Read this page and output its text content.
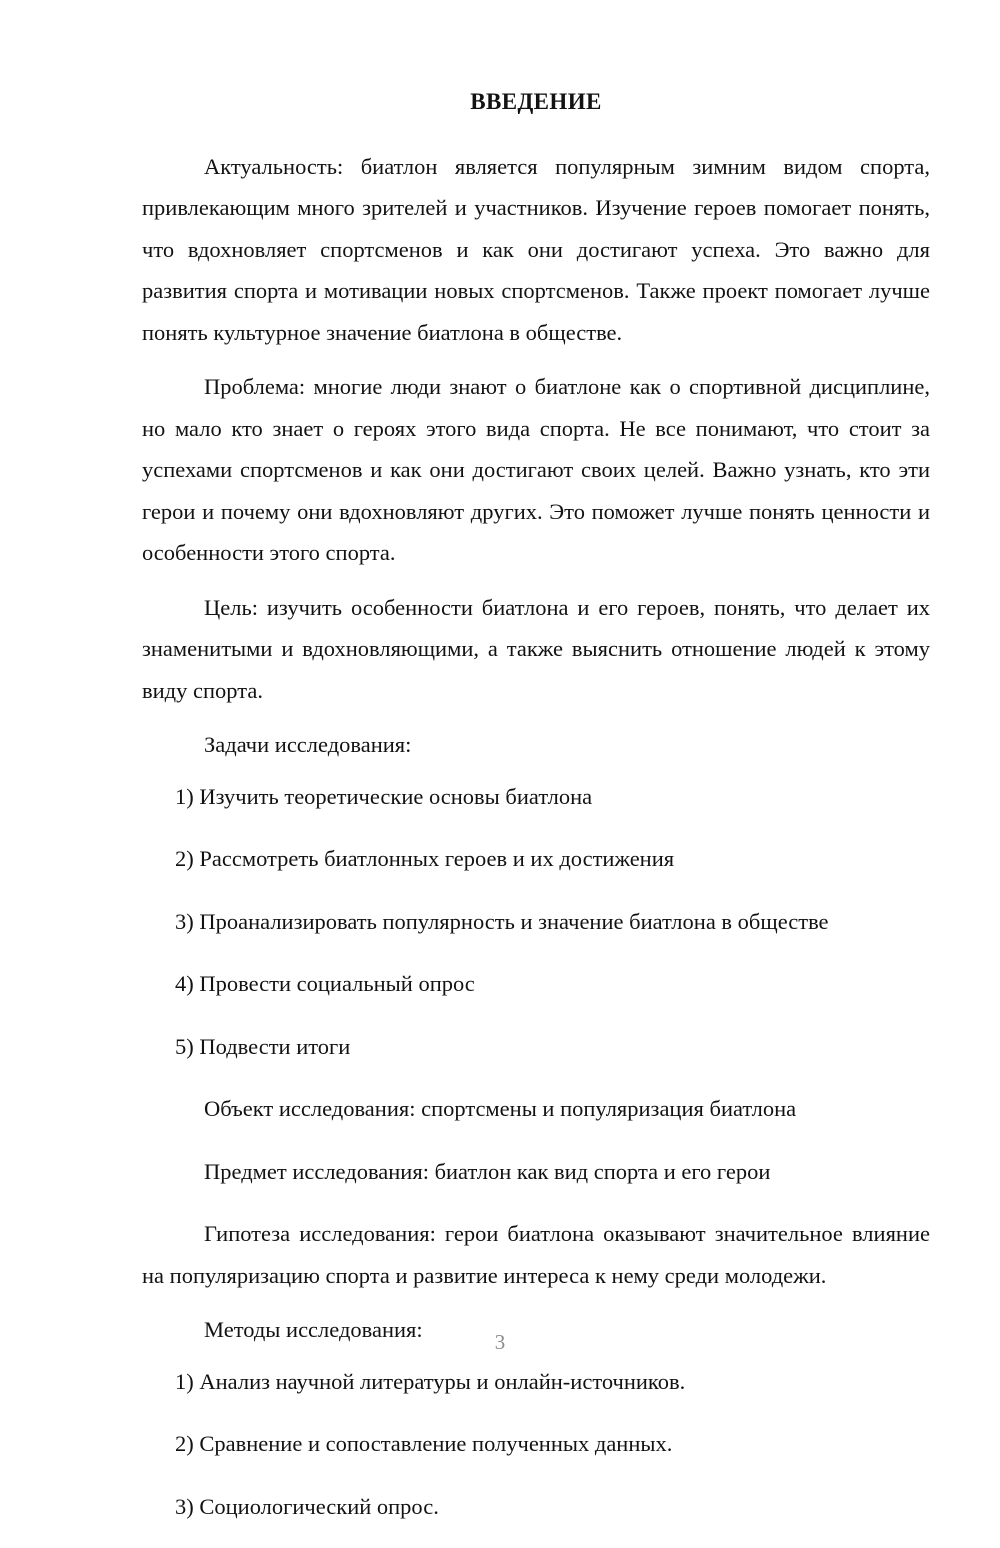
ВВЕДЕНИЕ

Актуальность: биатлон является популярным зимним видом спорта, привлекающим много зрителей и участников. Изучение героев помогает понять, что вдохновляет спортсменов и как они достигают успеха. Это важно для развития спорта и мотивации новых спортсменов. Также проект помогает лучше понять культурное значение биатлона в обществе.

Проблема: многие люди знают о биатлоне как о спортивной дисциплине, но мало кто знает о героях этого вида спорта. Не все понимают, что стоит за успехами спортсменов и как они достигают своих целей. Важно узнать, кто эти герои и почему они вдохновляют других. Это поможет лучше понять ценности и особенности этого спорта.

Цель: изучить особенности биатлона и его героев, понять, что делает их знаменитыми и вдохновляющими, а также выяснить отношение людей к этому виду спорта.

Задачи исследования:

1) Изучить теоретические основы биатлона
2) Рассмотреть биатлонных героев и их достижения
3) Проанализировать популярность и значение биатлона в обществе
4) Провести социальный опрос
5) Подвести итоги

Объект исследования: спортсмены и популяризация биатлона

Предмет исследования: биатлон как вид спорта и его герои

Гипотеза исследования: герои биатлона оказывают значительное влияние на популяризацию спорта и развитие интереса к нему среди молодежи.

Методы исследования:

1) Анализ научной литературы и онлайн-источников.
2) Сравнение и сопоставление полученных данных.
3) Социологический опрос.
3
